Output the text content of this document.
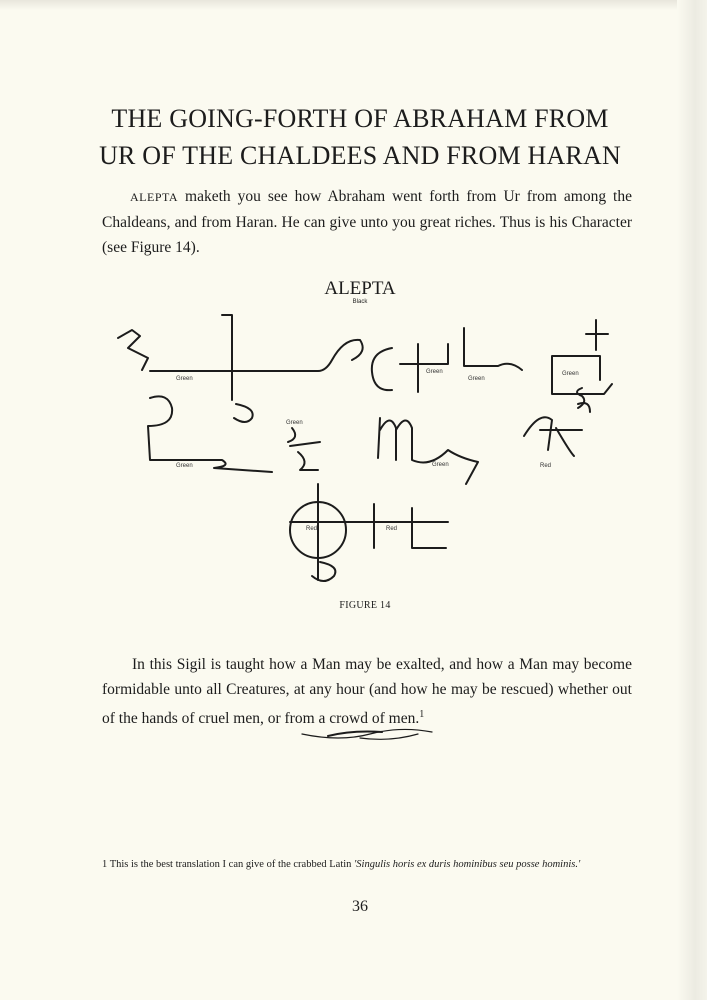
THE GOING-FORTH OF ABRAHAM FROM
UR OF THE CHALDEES AND FROM HARAN

ALEPTA maketh you see how Abraham went forth from Ur from among the Chaldeans, and from Haran. He can give unto you great riches. Thus is his Character (see Figure 14).

ALEPTA
Black
Green
Green
Green
Green
Green
Green	Green	Red
Red	Red
FIGURE 14

In this Sigil is taught how a Man may be exalted, and how a Man may become formidable unto all Creatures, at any hour (and how he may be rescued) whether out of the hands of cruel men, or from a crowd of men.$^1$

1 This is the best translation I can give of the crabbed Latin 'Singulis horis ex duris hominibus seu posse hominis.'

36
